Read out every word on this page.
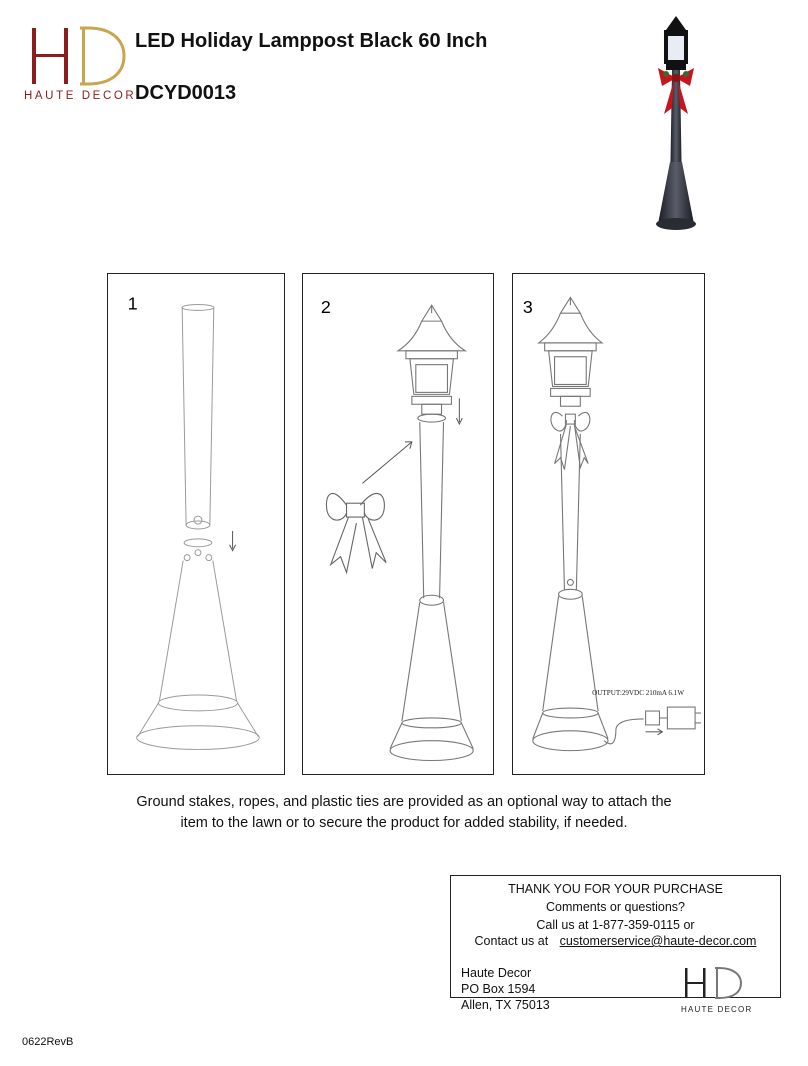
HAUTE DECOR
LED Holiday Lamppost Black 60 Inch
DCYD0013
1	2	3
OUTPUT:29VDC 210mA 6.1W
Ground stakes, ropes, and plastic ties are provided as an optional way to attach the
item to the lawn or to secure the product for added stability, if needed.
THANK YOU FOR YOUR PURCHASE
Comments or questions?
Call us at 1-877-359-0115 or
Contact us at customerservice@haute-decor.com
Haute Decor
PO Box 1594
Allen, TX 75013	HAUTE DECOR
0622RevB
